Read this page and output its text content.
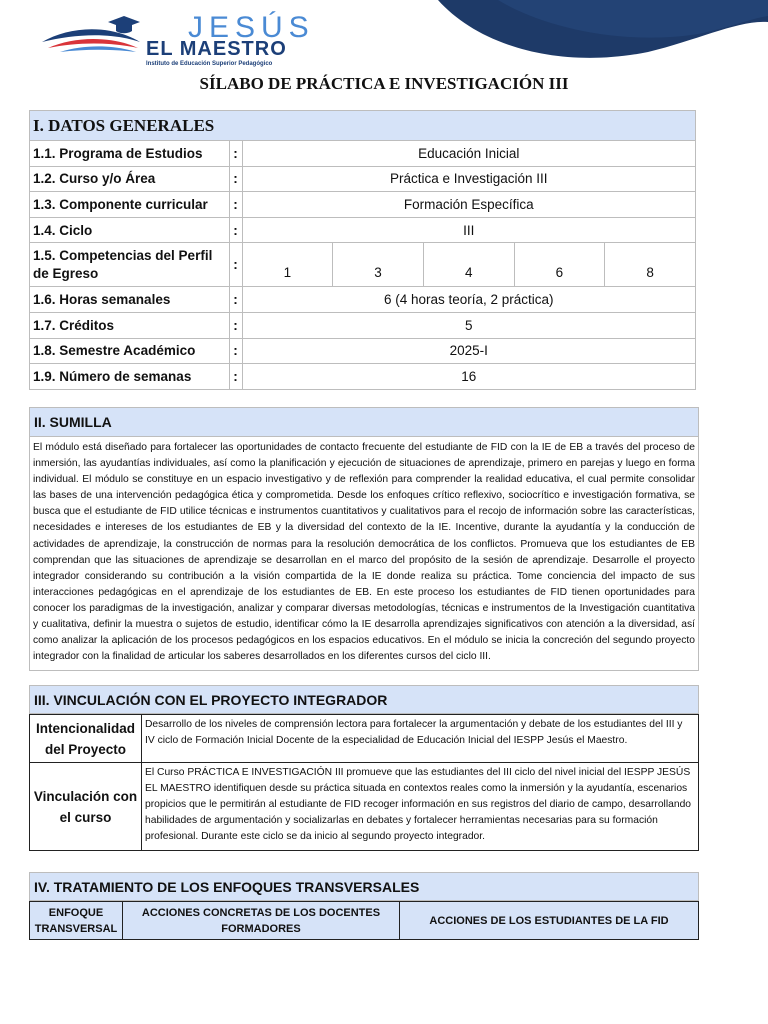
JESÚS
EL MAESTRO
Instituto de Educación Superior Pedagógico
SÍLABO DE PRÁCTICA E INVESTIGACIÓN III
I. DATOS GENERALES						
1.1. Programa de Estudios	:	Educación Inicial				
1.2. Curso y/o Área	:	Práctica e Investigación III				
1.3. Componente curricular	:	Formación Específica				
1.4. Ciclo	:	III				
1.5. Competencias del Perfil de Egreso	:	1	3	4	6	8
1.6. Horas semanales	:	6 (4 horas teoría, 2 práctica)				
1.7. Créditos	:	5				
1.8. Semestre Académico	:	2025-I				
1.9. Número de semanas	:	16				
II. SUMILLA
El módulo está diseñado para fortalecer las oportunidades de contacto frecuente del estudiante de FID con la IE de EB a través del proceso de inmersión, las ayudantías individuales, así como la planificación y ejecución de situaciones de aprendizaje, primero en parejas y luego en forma individual. El módulo se constituye en un espacio investigativo y de reflexión para comprender la realidad educativa, el cual permite consolidar las bases de una intervención pedagógica ética y comprometida. Desde los enfoques crítico reflexivo, sociocrítico e investigación formativa, se busca que el estudiante de FID utilice técnicas e instrumentos cuantitativos y cualitativos para el recojo de información sobre las características, necesidades e intereses de los estudiantes de EB y la diversidad del contexto de la IE. Incentive, durante la ayudantía y la conducción de actividades de aprendizaje, la construcción de normas para la resolución democrática de los conflictos. Promueva que los estudiantes de EB comprendan que las situaciones de aprendizaje se desarrollan en el marco del propósito de la sesión de aprendizaje. Desarrolle el proyecto integrador considerando su contribución a la visión compartida de la IE donde realiza su práctica. Tome conciencia del impacto de sus interacciones pedagógicas en el aprendizaje de los estudiantes de EB. En este proceso los estudiantes de FID tienen oportunidades para conocer los paradigmas de la investigación, analizar y comparar diversas metodologías, técnicas e instrumentos de la Investigación cuantitativa y cualitativa, definir la muestra o sujetos de estudio, identificar cómo la IE desarrolla aprendizajes significativos con atención a la diversidad, así como analizar la aplicación de los procesos pedagógicos en los espacios educativos. En el módulo se inicia la concreción del segundo proyecto integrador con la finalidad de articular los saberes desarrollados en los diferentes cursos del ciclo III.
III. VINCULACIÓN CON EL PROYECTO INTEGRADOR
Intencionalidad del Proyecto	Desarrollo de los niveles de comprensión lectora para fortalecer la argumentación y debate de los estudiantes del III y IV ciclo de Formación Inicial Docente de la especialidad de Educación Inicial del IESPP Jesús el Maestro.
Vinculación con el curso	El Curso PRÁCTICA E INVESTIGACIÓN III promueve que las estudiantes del III ciclo del nivel inicial del IESPP JESÚS EL MAESTRO identifiquen desde su práctica situada en contextos reales como la inmersión y la ayudantía, escenarios propicios que le permitirán al estudiante de FID recoger información en sus registros del diario de campo, desarrollando habilidades de argumentación y socializarlas en debates y fortalecer herramientas necesarias para su formación profesional. Durante este ciclo se da inicio al segundo proyecto integrador.
IV. TRATAMIENTO DE LOS ENFOQUES TRANSVERSALES
ENFOQUE TRANSVERSAL	ACCIONES CONCRETAS DE LOS DOCENTES FORMADORES	ACCIONES DE LOS ESTUDIANTES DE LA FID
